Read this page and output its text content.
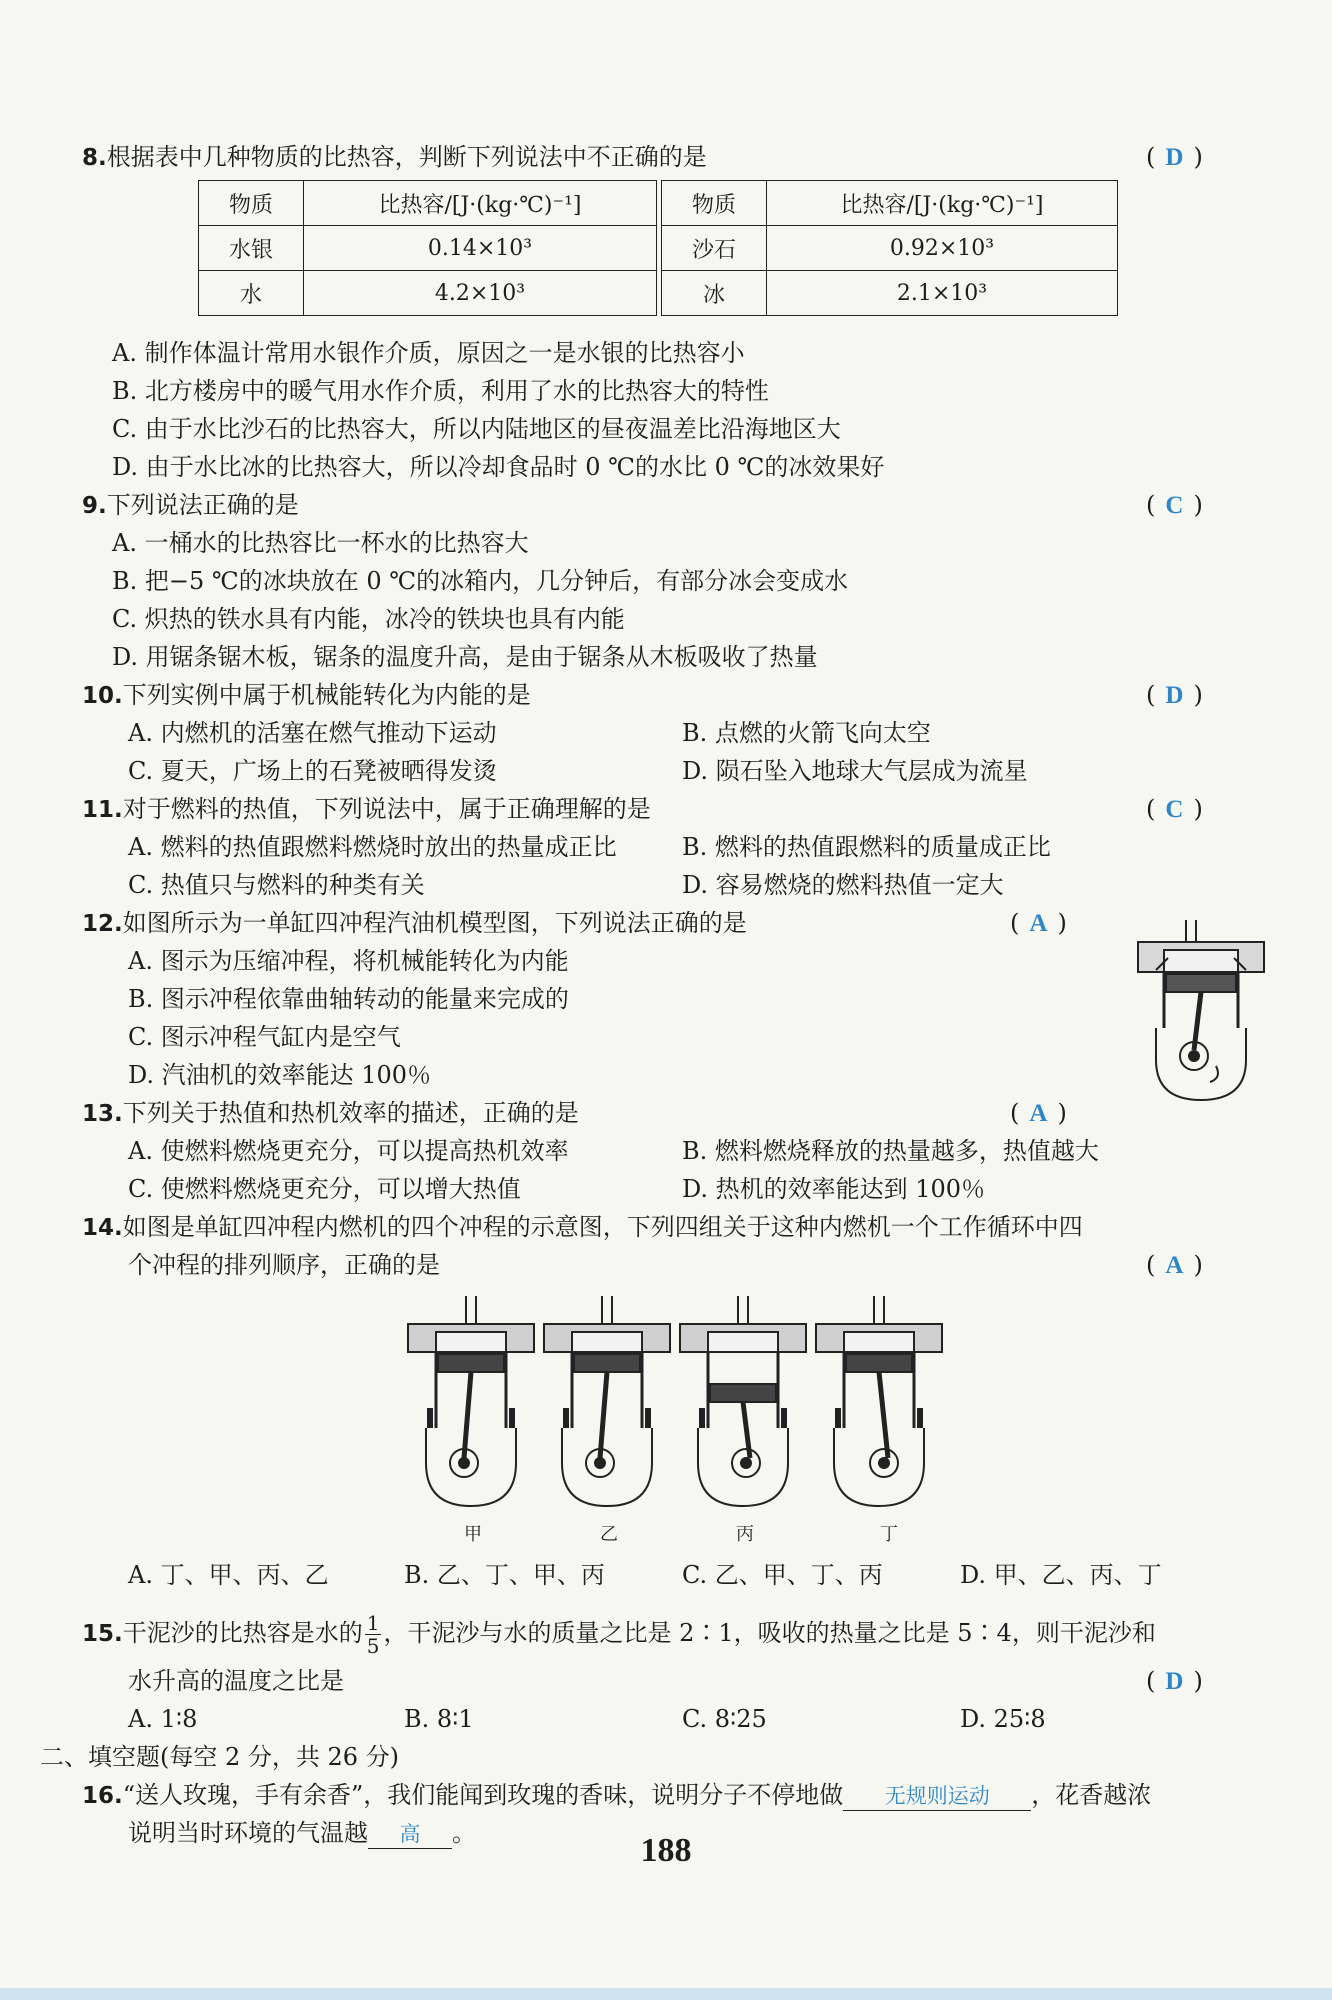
8.根据表中几种物质的比热容，判断下列说法中不正确的是	( D )
物质	比热容/[J·(kg·℃)⁻¹]		物质	比热容/[J·(kg·℃)⁻¹]
水银	0.14×10³		沙石	0.92×10³
水	4.2×10³		冰	2.1×10³
A. 制作体温计常用水银作介质，原因之一是水银的比热容小
B. 北方楼房中的暖气用水作介质，利用了水的比热容大的特性
C. 由于水比沙石的比热容大，所以内陆地区的昼夜温差比沿海地区大
D. 由于水比冰的比热容大，所以冷却食品时 0 ℃的水比 0 ℃的冰效果好
9.下列说法正确的是	( C )
A. 一桶水的比热容比一杯水的比热容大
B. 把−5 ℃的冰块放在 0 ℃的冰箱内，几分钟后，有部分冰会变成水
C. 炽热的铁水具有内能，冰冷的铁块也具有内能
D. 用锯条锯木板，锯条的温度升高，是由于锯条从木板吸收了热量
10.下列实例中属于机械能转化为内能的是	( D )
A. 内燃机的活塞在燃气推动下运动	B. 点燃的火箭飞向太空
C. 夏天，广场上的石凳被晒得发烫	D. 陨石坠入地球大气层成为流星
11.对于燃料的热值，下列说法中，属于正确理解的是	( C )
A. 燃料的热值跟燃料燃烧时放出的热量成正比	B. 燃料的热值跟燃料的质量成正比
C. 热值只与燃料的种类有关	D. 容易燃烧的燃料热值一定大
12.如图所示为一单缸四冲程汽油机模型图，下列说法正确的是	( A )
A. 图示为压缩冲程，将机械能转化为内能
B. 图示冲程依靠曲轴转动的能量来完成的
C. 图示冲程气缸内是空气
D. 汽油机的效率能达 100％
13.下列关于热值和热机效率的描述，正确的是	( A )
A. 使燃料燃烧更充分，可以提高热机效率	B. 燃料燃烧释放的热量越多，热值越大
C. 使燃料燃烧更充分，可以增大热值	D. 热机的效率能达到 100％
14.如图是单缸四冲程内燃机的四个冲程的示意图，下列四组关于这种内燃机一个工作循环中四
个冲程的排列顺序，正确的是	( A )
甲	乙	丙	丁
A. 丁、甲、丙、乙	B. 乙、丁、甲、丙	C. 乙、甲、丁、丙	D. 甲、乙、丙、丁
15.干泥沙的比热容是水的 $\frac{1}{5}$ ，干泥沙与水的质量之比是 2∶1，吸收的热量之比是 5∶4，则干泥沙和
水升高的温度之比是	( D )
A. 1∶8	B. 8∶1	C. 8∶25	D. 25∶8
二、填空题(每空 2 分，共 26 分)
16.“送人玫瑰，手有余香”，我们能闻到玫瑰的香味，说明分子不停地做 无规则运动 ，花香越浓
说明当时环境的气温越 高 。	188
